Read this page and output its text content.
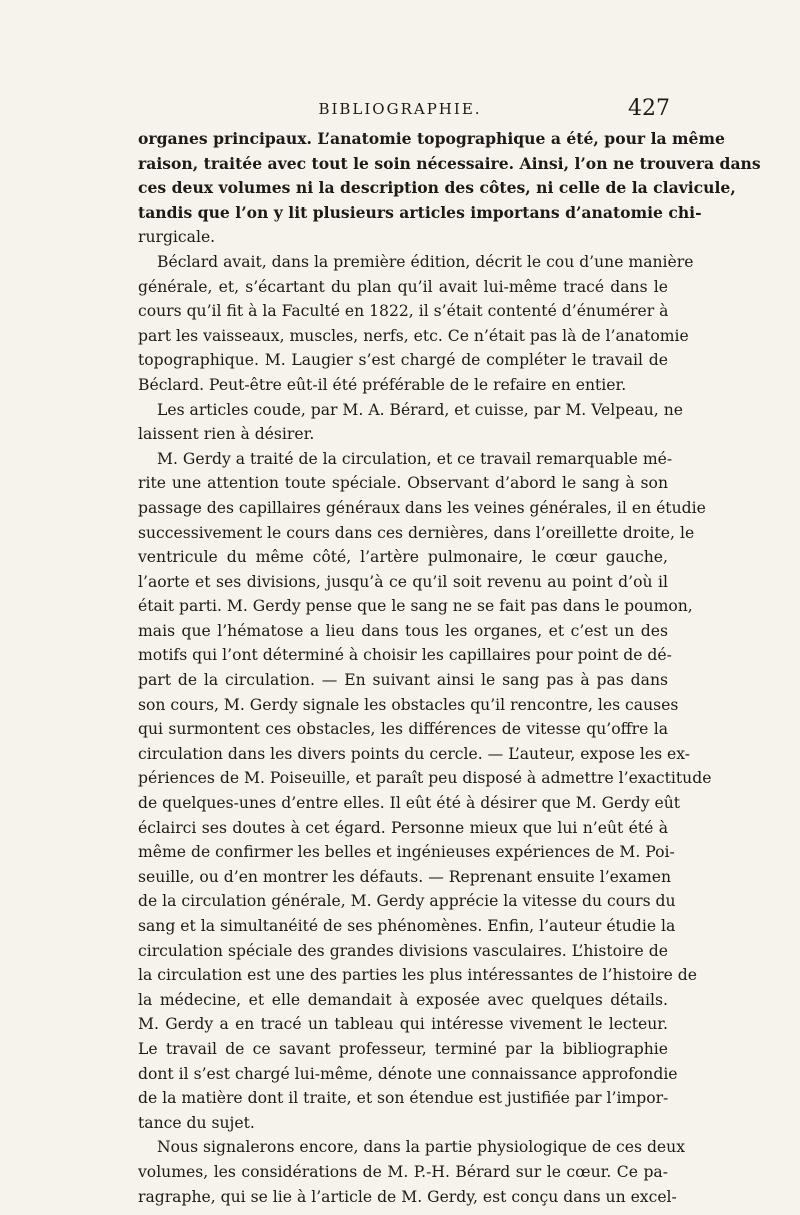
BIBLIOGRAPHIE.	427
organes principaux. L’anatomie topographique a été, pour la même
raison, traitée avec tout le soin nécessaire. Ainsi, l’on ne trouvera dans
ces deux volumes ni la description des côtes, ni celle de la clavicule,
tandis que l’on y lit plusieurs articles importans d’anatomie chi-
rurgicale.
Béclard avait, dans la première édition, décrit le cou d’une manière
générale, et, s’écartant du plan qu’il avait lui-même tracé dans le
cours qu’il fit à la Faculté en 1822, il s’était contenté d’énumérer à
part les vaisseaux, muscles, nerfs, etc. Ce n’était pas là de l’anatomie
topographique. M. Laugier s’est chargé de compléter le travail de
Béclard. Peut-être eût-il été préférable de le refaire en entier.
Les articles coude, par M. A. Bérard, et cuisse, par M. Velpeau, ne
laissent rien à désirer.
M. Gerdy a traité de la circulation, et ce travail remarquable mé-
rite une attention toute spéciale. Observant d’abord le sang à son
passage des capillaires généraux dans les veines générales, il en étudie
successivement le cours dans ces dernières, dans l’oreillette droite, le
ventricule du même côté, l’artère pulmonaire, le cœur gauche,
l’aorte et ses divisions, jusqu’à ce qu’il soit revenu au point d’où il
était parti. M. Gerdy pense que le sang ne se fait pas dans le poumon,
mais que l’hématose a lieu dans tous les organes, et c’est un des
motifs qui l’ont déterminé à choisir les capillaires pour point de dé-
part de la circulation. — En suivant ainsi le sang pas à pas dans
son cours, M. Gerdy signale les obstacles qu’il rencontre, les causes
qui surmontent ces obstacles, les différences de vitesse qu’offre la
circulation dans les divers points du cercle. — L’auteur, expose les ex-
périences de M. Poiseuille, et paraît peu disposé à admettre l’exactitude
de quelques-unes d’entre elles. Il eût été à désirer que M. Gerdy eût
éclairci ses doutes à cet égard. Personne mieux que lui n’eût été à
même de confirmer les belles et ingénieuses expériences de M. Poi-
seuille, ou d’en montrer les défauts. — Reprenant ensuite l’examen
de la circulation générale, M. Gerdy apprécie la vitesse du cours du
sang et la simultanéité de ses phénomènes. Enfin, l’auteur étudie la
circulation spéciale des grandes divisions vasculaires. L’histoire de
la circulation est une des parties les plus intéressantes de l’histoire de
la médecine, et elle demandait à exposée avec quelques détails.
M. Gerdy a en tracé un tableau qui intéresse vivement le lecteur.
Le travail de ce savant professeur, terminé par la bibliographie
dont il s’est chargé lui-même, dénote une connaissance approfondie
de la matière dont il traite, et son étendue est justifiée par l’impor-
tance du sujet.
Nous signalerons encore, dans la partie physiologique de ces deux
volumes, les considérations de M. P.-H. Bérard sur le cœur. Ce pa-
ragraphe, qui se lie à l’article de M. Gerdy, est conçu dans un excel-
